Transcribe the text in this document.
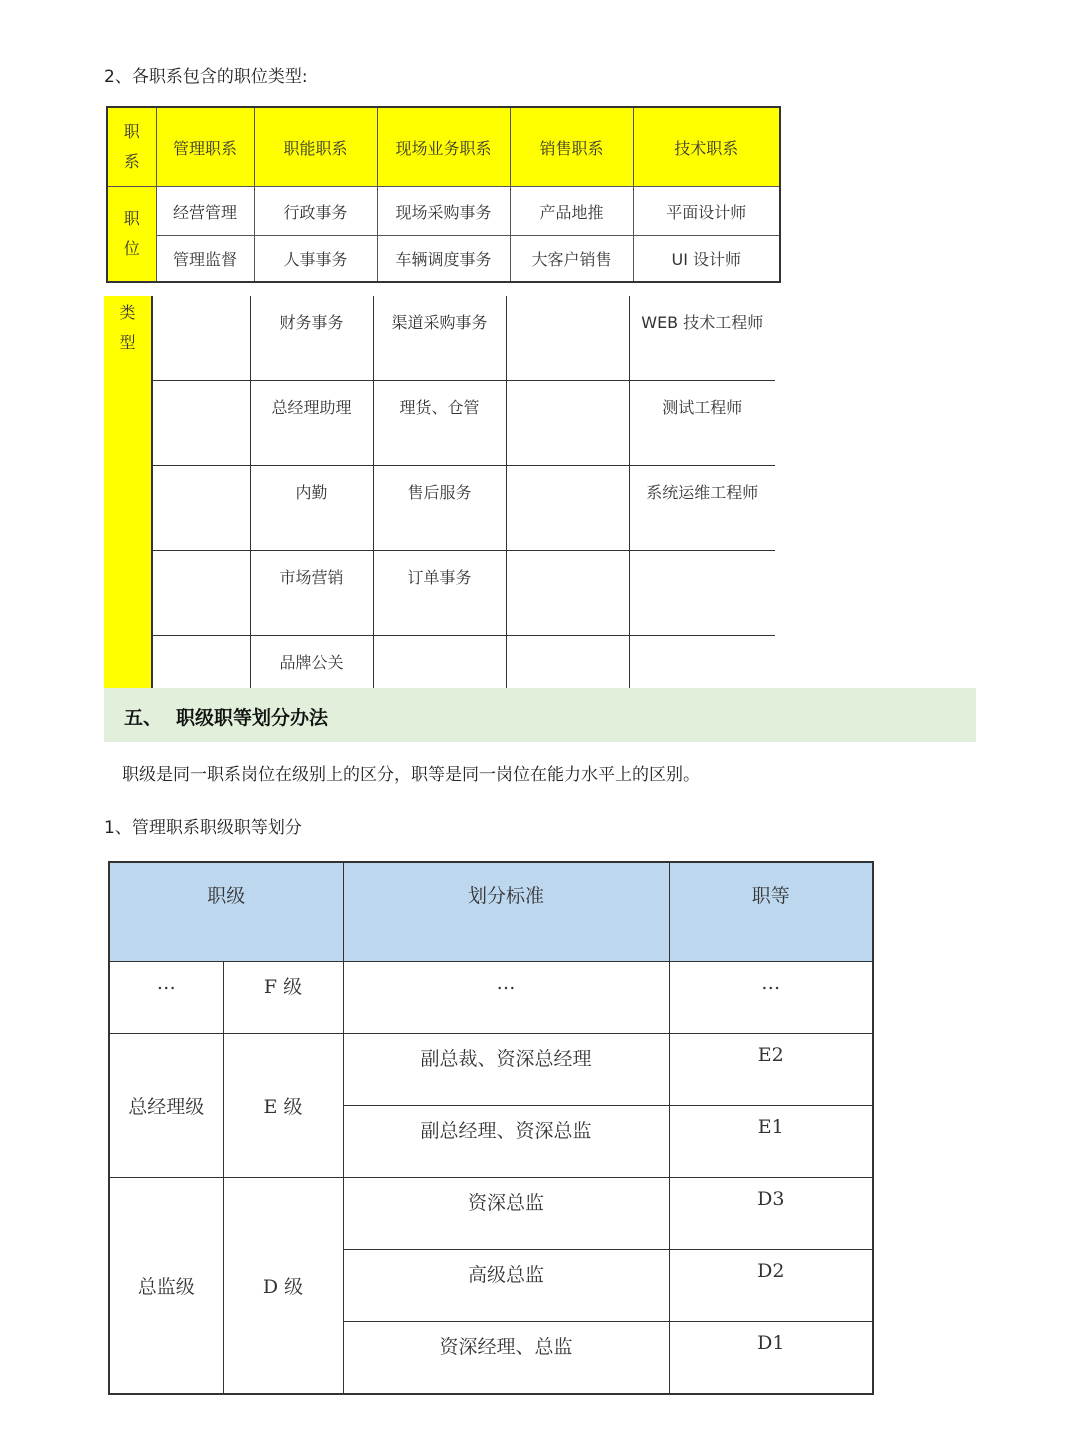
2、各职系包含的职位类型:
职
系	管理职系	职能职系	现场业务职系	销售职系	技术职系

职
位	经营管理	行政事务	现场采购事务	产品地推	平面设计师
	管理监督	人事事务	车辆调度事务	大客户销售	UI 设计师
类
型		财务事务	渠道采购事务		WEB 技术工程师
		总经理助理	理货、仓管		测试工程师
		内勤	售后服务		系统运维工程师
		市场营销	订单事务		
		品牌公关			
五、 职级职等划分办法
职级是同一职系岗位在级别上的区分，职等是同一岗位在能力水平上的区别。
1、管理职系职级职等划分
职级		划分标准	职等
…	F 级	…	…
总经理级	E 级	副总裁、资深总经理	E2
		副总经理、资深总监	E1
总监级	D 级	资深总监	D3
		高级总监	D2
		资深经理、总监	D1
